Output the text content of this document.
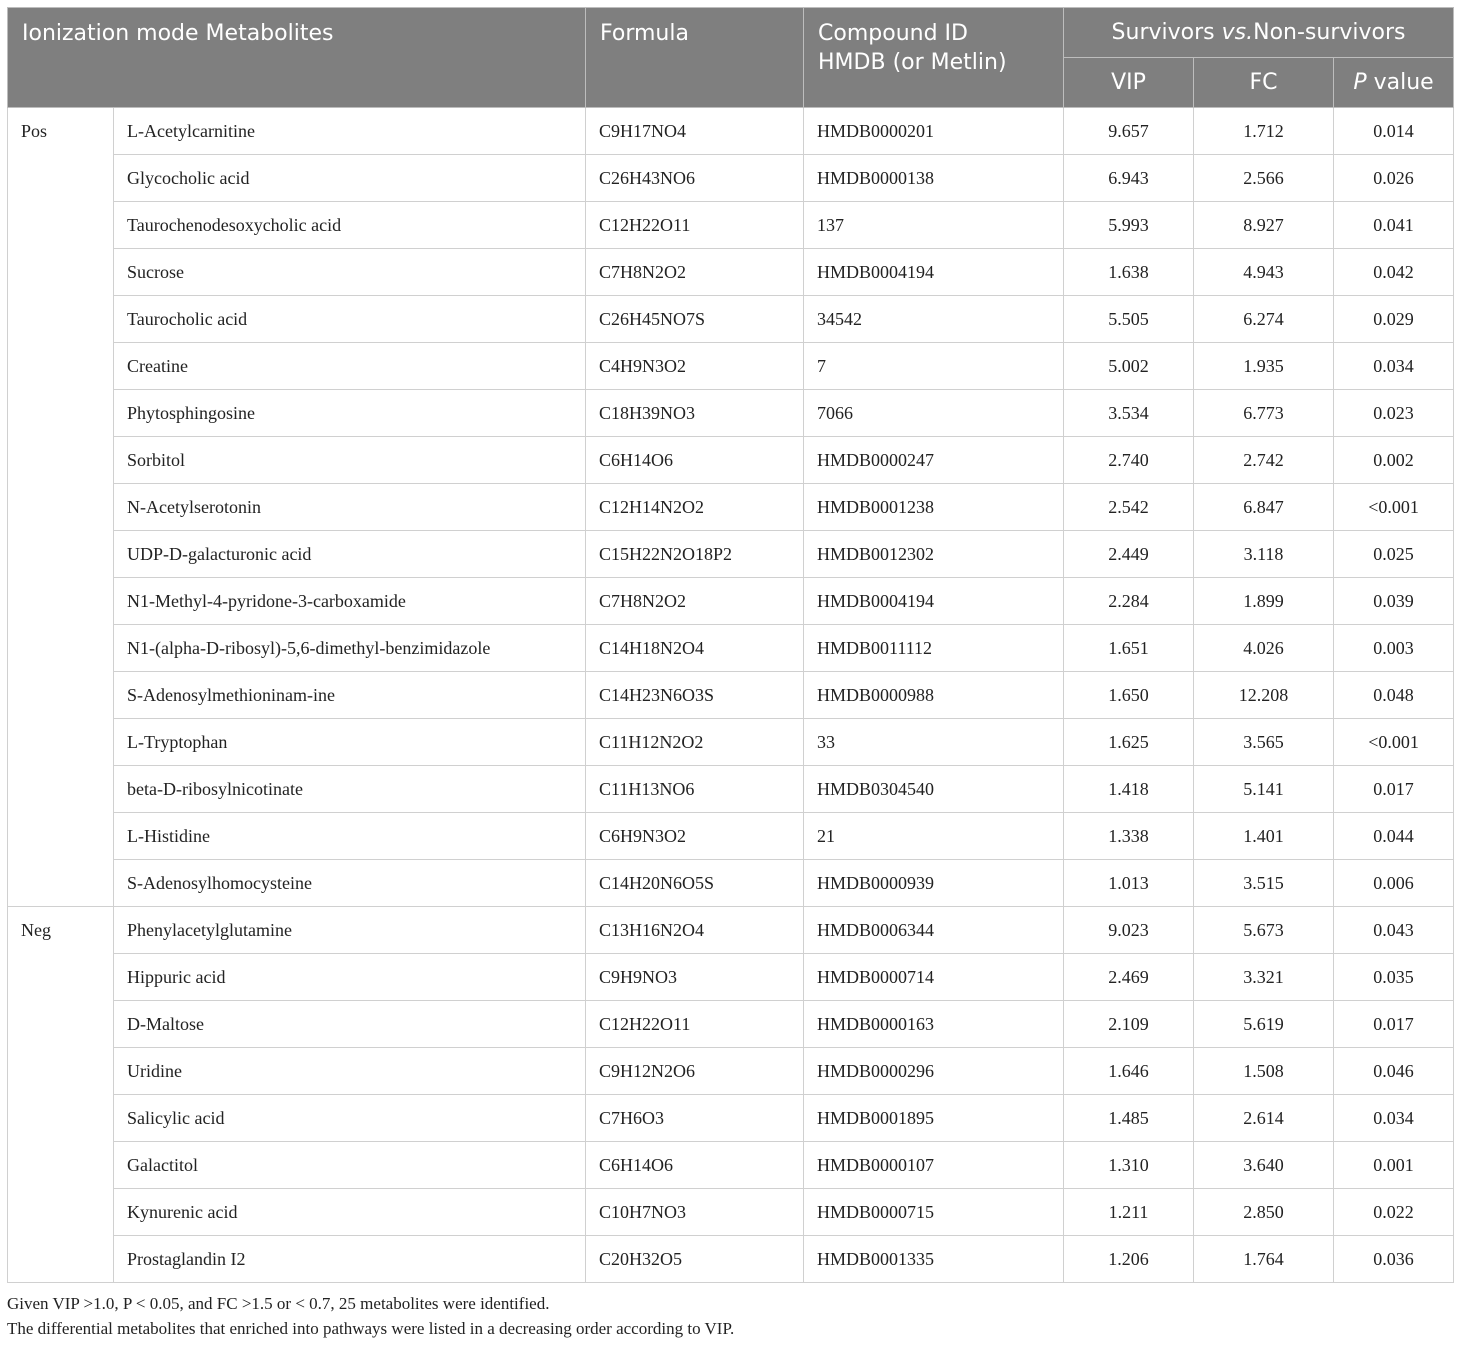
Ionization mode Metabolites		Formula	Compound ID
HMDB (or Metlin)	Survivors vs.Non-survivors		
				VIP	FC	P value
Pos	L-Acetylcarnitine	C9H17NO4	HMDB0000201	9.657	1.712	0.014
	Glycocholic acid	C26H43NO6	HMDB0000138	6.943	2.566	0.026
	Taurochenodesoxycholic acid	C12H22O11	137	5.993	8.927	0.041
	Sucrose	C7H8N2O2	HMDB0004194	1.638	4.943	0.042
	Taurocholic acid	C26H45NO7S	34542	5.505	6.274	0.029
	Creatine	C4H9N3O2	7	5.002	1.935	0.034
	Phytosphingosine	C18H39NO3	7066	3.534	6.773	0.023
	Sorbitol	C6H14O6	HMDB0000247	2.740	2.742	0.002
	N-Acetylserotonin	C12H14N2O2	HMDB0001238	2.542	6.847	<0.001
	UDP-D-galacturonic acid	C15H22N2O18P2	HMDB0012302	2.449	3.118	0.025
	N1-Methyl-4-pyridone-3-carboxamide	C7H8N2O2	HMDB0004194	2.284	1.899	0.039
	N1-(alpha-D-ribosyl)-5,6-dimethyl-benzimidazole	C14H18N2O4	HMDB0011112	1.651	4.026	0.003
	S-Adenosylmethioninam-ine	C14H23N6O3S	HMDB0000988	1.650	12.208	0.048
	L-Tryptophan	C11H12N2O2	33	1.625	3.565	<0.001
	beta-D-ribosylnicotinate	C11H13NO6	HMDB0304540	1.418	5.141	0.017
	L-Histidine	C6H9N3O2	21	1.338	1.401	0.044
	S-Adenosylhomocysteine	C14H20N6O5S	HMDB0000939	1.013	3.515	0.006
Neg	Phenylacetylglutamine	C13H16N2O4	HMDB0006344	9.023	5.673	0.043
	Hippuric acid	C9H9NO3	HMDB0000714	2.469	3.321	0.035
	D-Maltose	C12H22O11	HMDB0000163	2.109	5.619	0.017
	Uridine	C9H12N2O6	HMDB0000296	1.646	1.508	0.046
	Salicylic acid	C7H6O3	HMDB0001895	1.485	2.614	0.034
	Galactitol	C6H14O6	HMDB0000107	1.310	3.640	0.001
	Kynurenic acid	C10H7NO3	HMDB0000715	1.211	2.850	0.022
	Prostaglandin I2	C20H32O5	HMDB0001335	1.206	1.764	0.036
Given VIP >1.0, P < 0.05, and FC >1.5 or < 0.7, 25 metabolites were identified.
The differential metabolites that enriched into pathways were listed in a decreasing order according to VIP.
